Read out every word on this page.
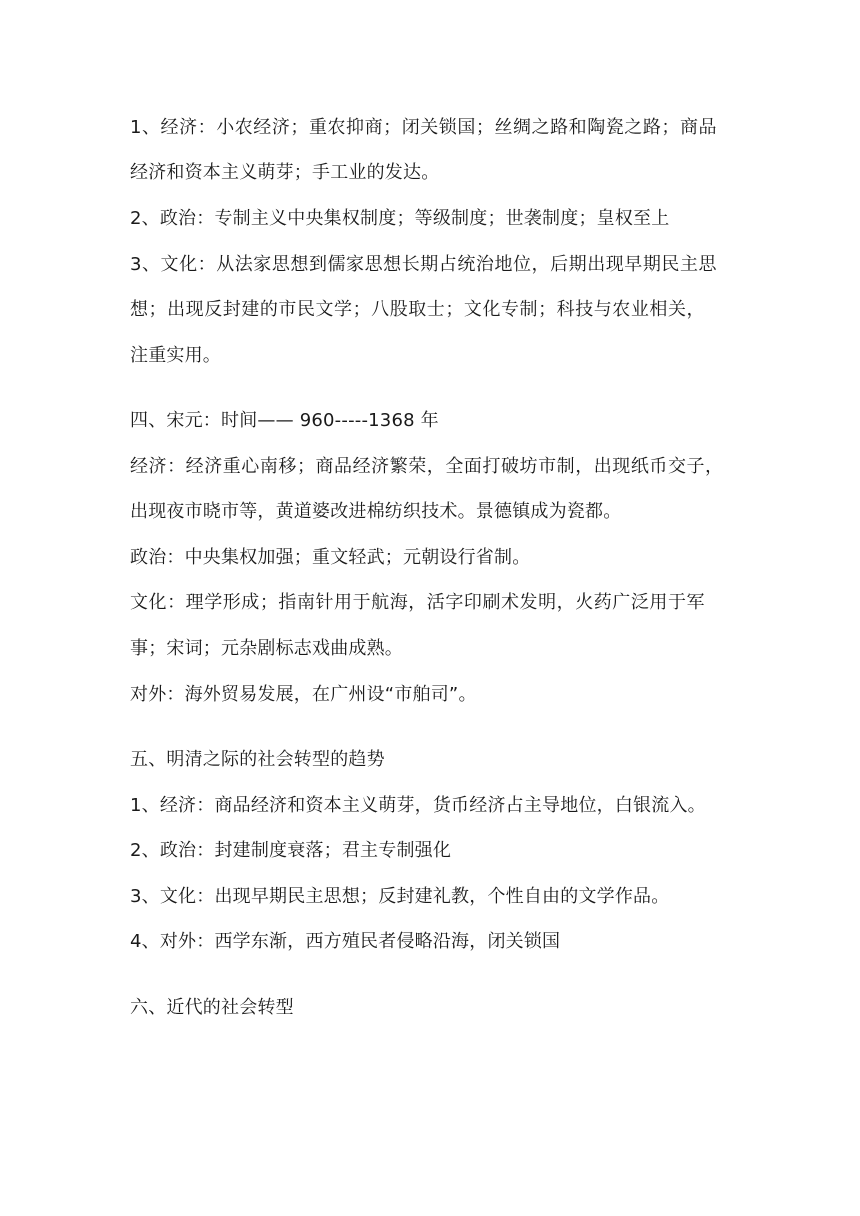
1、经济：小农经济；重农抑商；闭关锁国；丝绸之路和陶瓷之路；商品
经济和资本主义萌芽；手工业的发达。
2、政治：专制主义中央集权制度；等级制度；世袭制度；皇权至上
3、文化：从法家思想到儒家思想长期占统治地位，后期出现早期民主思
想；出现反封建的市民文学；八股取士；文化专制；科技与农业相关，
注重实用。
四、宋元：时间—— 960-----1368 年
经济：经济重心南移；商品经济繁荣，全面打破坊市制，出现纸币交子，
出现夜市晓市等，黄道婆改进棉纺织技术。景德镇成为瓷都。
政治：中央集权加强；重文轻武；元朝设行省制。
文化：理学形成；指南针用于航海，活字印刷术发明，火药广泛用于军
事；宋词；元杂剧标志戏曲成熟。
对外：海外贸易发展，在广州设“市舶司”。
五、明清之际的社会转型的趋势
1、经济：商品经济和资本主义萌芽，货币经济占主导地位，白银流入。
2、政治：封建制度衰落；君主专制强化
3、文化：出现早期民主思想；反封建礼教，个性自由的文学作品。
4、对外：西学东渐，西方殖民者侵略沿海，闭关锁国
六、近代的社会转型
